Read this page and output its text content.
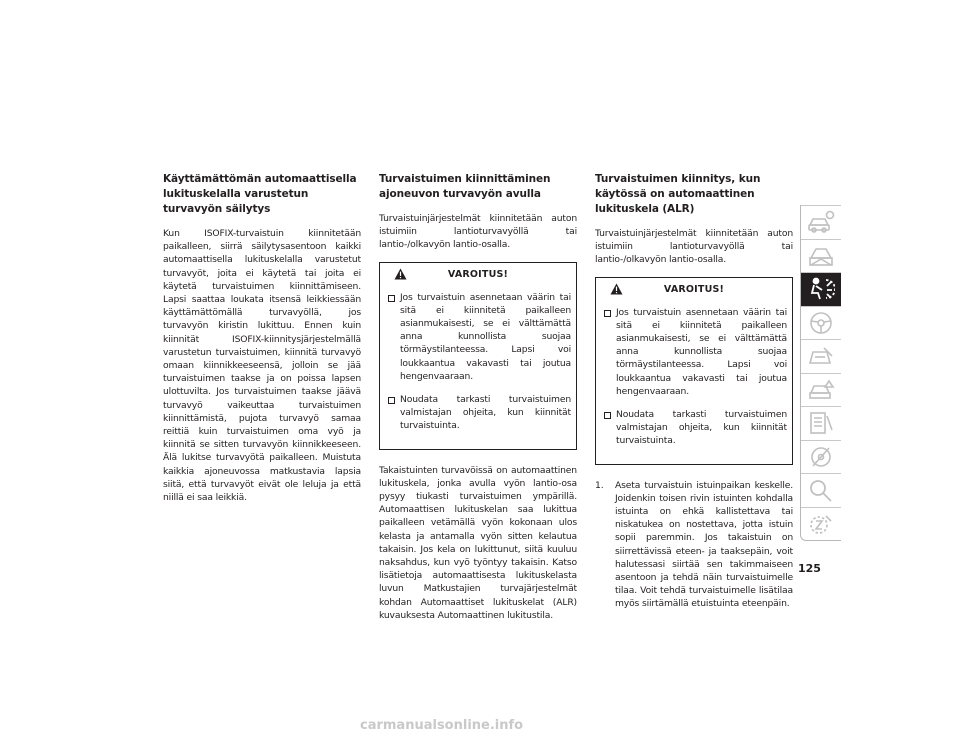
Käyttämättömän automaattisella lukituskelalla varustetun turvavyön säilytys

Kun ISOFIX-turvaistuin kiinnitetään paikalleen, siirrä säilytysasentoon kaikki automaattisella lukituskelalla varustetut turvavyöt, joita ei käytetä tai joita ei käytetä turvaistuimen kiinnittämiseen. Lapsi saattaa loukata itsensä leikkiessään käyttämättömällä turvavyöllä, jos turvavyön kiristin lukittuu. Ennen kuin kiinnität ISOFIX-kiinnitysjärjestelmällä varustetun turvaistuimen, kiinnitä turvavyö omaan kiinnikkeeseensä, jolloin se jää turvaistuimen taakse ja on poissa lapsen ulottuvilta. Jos turvaistuimen taakse jäävä turvavyö vaikeuttaa turvaistuimen kiinnittämistä, pujota turvavyö samaa reittiä kuin turvaistuimen oma vyö ja kiinnitä se sitten turvavyön kiinnikkeeseen. Älä lukitse turvavyötä paikalleen. Muistuta kaikkia ajoneuvossa matkustavia lapsia siitä, että turvavyöt eivät ole leluja ja että niillä ei saa leikkiä.

Turvaistuimen kiinnittäminen ajoneuvon turvavyön avulla

Turvaistuinjärjestelmät kiinnitetään auton istuimiin lantioturvavyöllä tai lantio-/olkavyön lantio-osalla.

VAROITUS!
Jos turvaistuin asennetaan väärin tai sitä ei kiinnitetä paikalleen asianmukaisesti, se ei välttämättä anna kunnollista suojaa törmäystilanteessa. Lapsi voi loukkaantua vakavasti tai joutua hengenvaaraan.
Noudata tarkasti turvaistuimen valmistajan ohjeita, kun kiinnität turvaistuinta.

Takaistuinten turvavöissä on automaattinen lukituskela, jonka avulla vyön lantio-osa pysyy tiukasti turvaistuimen ympärillä. Automaattisen lukituskelan saa lukittua paikalleen vetämällä vyön kokonaan ulos kelasta ja antamalla vyön sitten kelautua takaisin. Jos kela on lukittunut, siitä kuuluu naksahdus, kun vyö työntyy takaisin. Katso lisätietoja automaattisesta lukituskelasta luvun Matkustajien turvajärjestelmät kohdan Automaattiset lukituskelat (ALR) kuvauksesta Automaattinen lukitustila.

Turvaistuimen kiinnitys, kun käytössä on automaattinen lukituskela (ALR)

Turvaistuinjärjestelmät kiinnitetään auton istuimiin lantioturvavyöllä tai lantio-/olkavyön lantio-osalla.

VAROITUS!
Jos turvaistuin asennetaan väärin tai sitä ei kiinnitetä paikalleen asianmukaisesti, se ei välttämättä anna kunnollista suojaa törmäystilanteessa. Lapsi voi loukkaantua vakavasti tai joutua hengenvaaraan.
Noudata tarkasti turvaistuimen valmistajan ohjeita, kun kiinnität turvaistuinta.
1. Aseta turvaistuin istuinpaikan keskelle. Joidenkin toisen rivin istuinten kohdalla istuinta on ehkä kallistettava tai niskatukea on nostettava, jotta istuin sopii paremmin. Jos takaistuin on siirrettävissä eteen- ja taaksepäin, voit halutessasi siirtää sen takimmaiseen asentoon ja tehdä näin turvaistuimelle tilaa. Voit tehdä turvaistuimelle lisätilaa myös siirtämällä etuistuinta eteenpäin.
125
carmanualsonline.info
